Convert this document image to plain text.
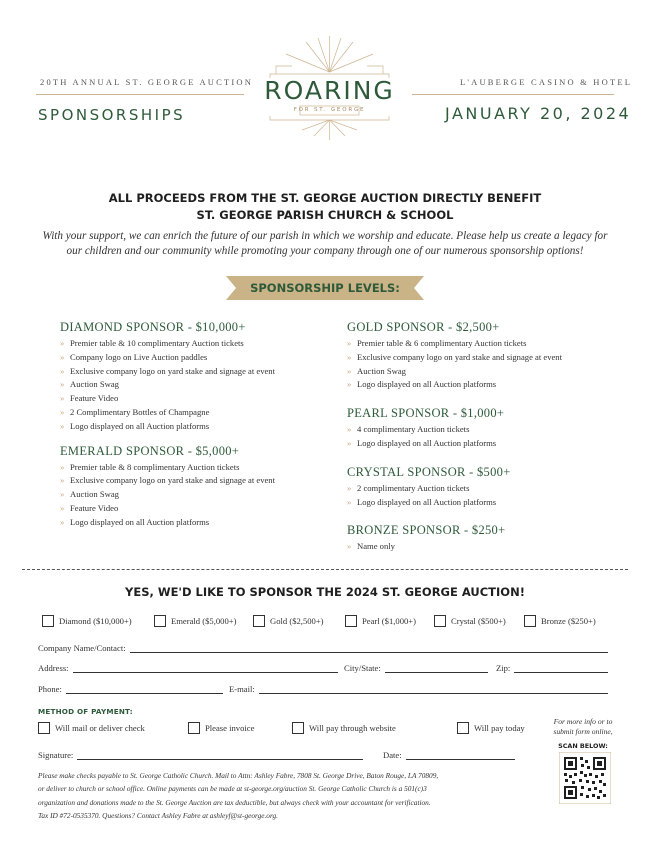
20TH ANNUAL ST. GEORGE AUCTION
SPONSORSHIPS
L'AUBERGE CASINO & HOTEL
JANUARY 20, 2024
ROARING
FOR ST. GEORGE
ALL PROCEEDS FROM THE ST. GEORGE AUCTION DIRECTLY BENEFIT
ST. GEORGE PARISH CHURCH & SCHOOL
With your support, we can enrich the future of our parish in which we worship and educate. Please help us create a legacy for
our children and our community while promoting your company through one of our numerous sponsorship options!
SPONSORSHIP LEVELS:
DIAMOND SPONSOR - $10,000+
» Premier table & 10 complimentary Auction tickets
» Company logo on Live Auction paddles
» Exclusive company logo on yard stake and signage at event
» Auction Swag
» Feature Video
» 2 Complimentary Bottles of Champagne
» Logo displayed on all Auction platforms
EMERALD SPONSOR - $5,000+
» Premier table & 8 complimentary Auction tickets
» Exclusive company logo on yard stake and signage at event
» Auction Swag
» Feature Video
» Logo displayed on all Auction platforms
GOLD SPONSOR - $2,500+
» Premier table & 6 complimentary Auction tickets
» Exclusive company logo on yard stake and signage at event
» Auction Swag
» Logo displayed on all Auction platforms
PEARL SPONSOR - $1,000+
» 4 complimentary Auction tickets
» Logo displayed on all Auction platforms
CRYSTAL SPONSOR - $500+
» 2 complimentary Auction tickets
» Logo displayed on all Auction platforms
BRONZE SPONSOR - $250+
» Name only
YES, WE'D LIKE TO SPONSOR THE 2024 ST. GEORGE AUCTION!
Diamond ($10,000+)	Emerald ($5,000+)	Gold ($2,500+)	Pearl ($1,000+)	Crystal ($500+)	Bronze ($250+)
Company Name/Contact:
Address:	City/State:	Zip:
Phone:	E-mail:
METHOD OF PAYMENT:
Will mail or deliver check	Please invoice	Will pay through website	Will pay today
Signature:	Date:
For more info or to submit form online,
SCAN BELOW:
Please make checks payable to St. George Catholic Church. Mail to Attn: Ashley Fabre, 7808 St. George Drive, Baton Rouge, LA 70809,
or deliver to church or school office. Online payments can be made at st-george.org/auction St. George Catholic Church is a 501(c)3
organization and donations made to the St. George Auction are tax deductible, but always check with your accountant for verification.
Tax ID #72-0535370. Questions? Contact Ashley Fabre at ashleyf@st-george.org.
